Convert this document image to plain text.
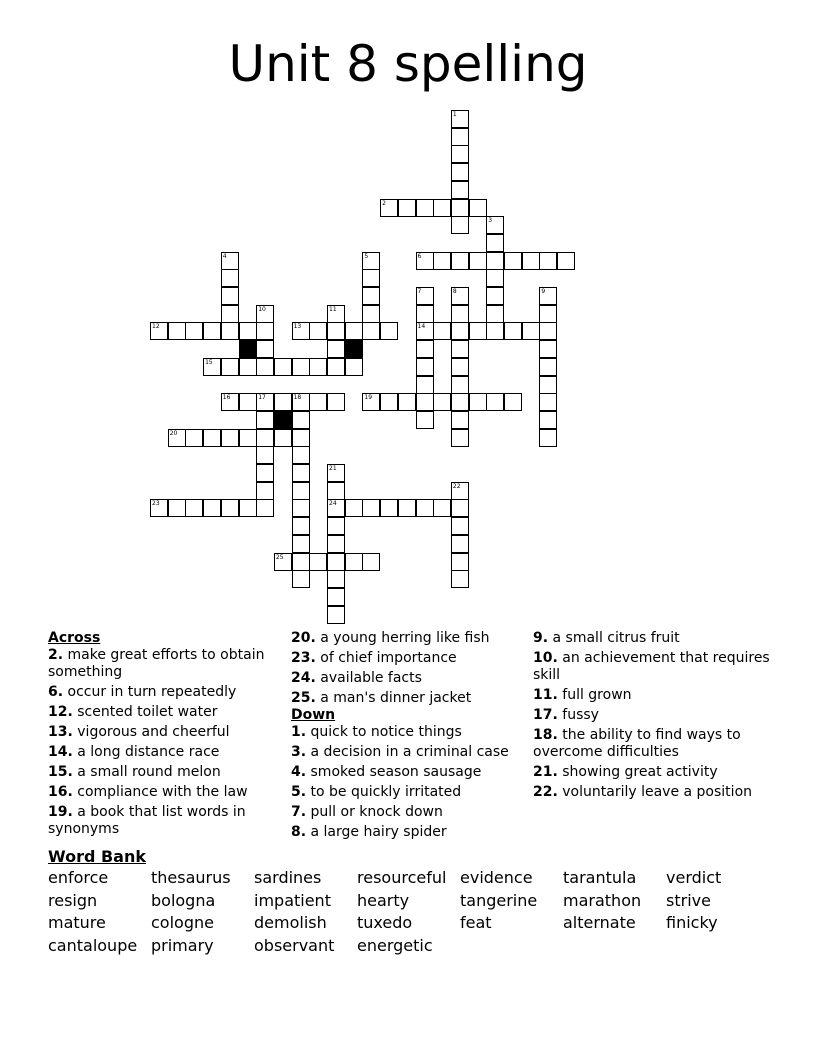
Unit 8 spelling
1
2
3
4	5	6
7
14
8	9
10	11
12	13
15
16	17	18	19
20
21
24
22
23
25
Across
2. make great efforts to obtain something
6. occur in turn repeatedly
12. scented toilet water
13. vigorous and cheerful
14. a long distance race
15. a small round melon
16. compliance with the law
19. a book that list words in synonyms
20. a young herring like fish
23. of chief importance
24. available facts
25. a man's dinner jacket
Down
1. quick to notice things
3. a decision in a criminal case
4. smoked season sausage
5. to be quickly irritated
7. pull or knock down
8. a large hairy spider
9. a small citrus fruit
10. an achievement that requires skill
11. full grown
17. fussy
18. the ability to find ways to overcome difficulties
21. showing great activity
22. voluntarily leave a position
Word Bank
enforce	thesaurus sardines resourceful evidence tarantula verdict
resign	bologna impatient hearty	tangerine marathon strive
mature	cologne	demolish tuxedo	feat	alternate finicky
cantaloupe primary	observant energetic
